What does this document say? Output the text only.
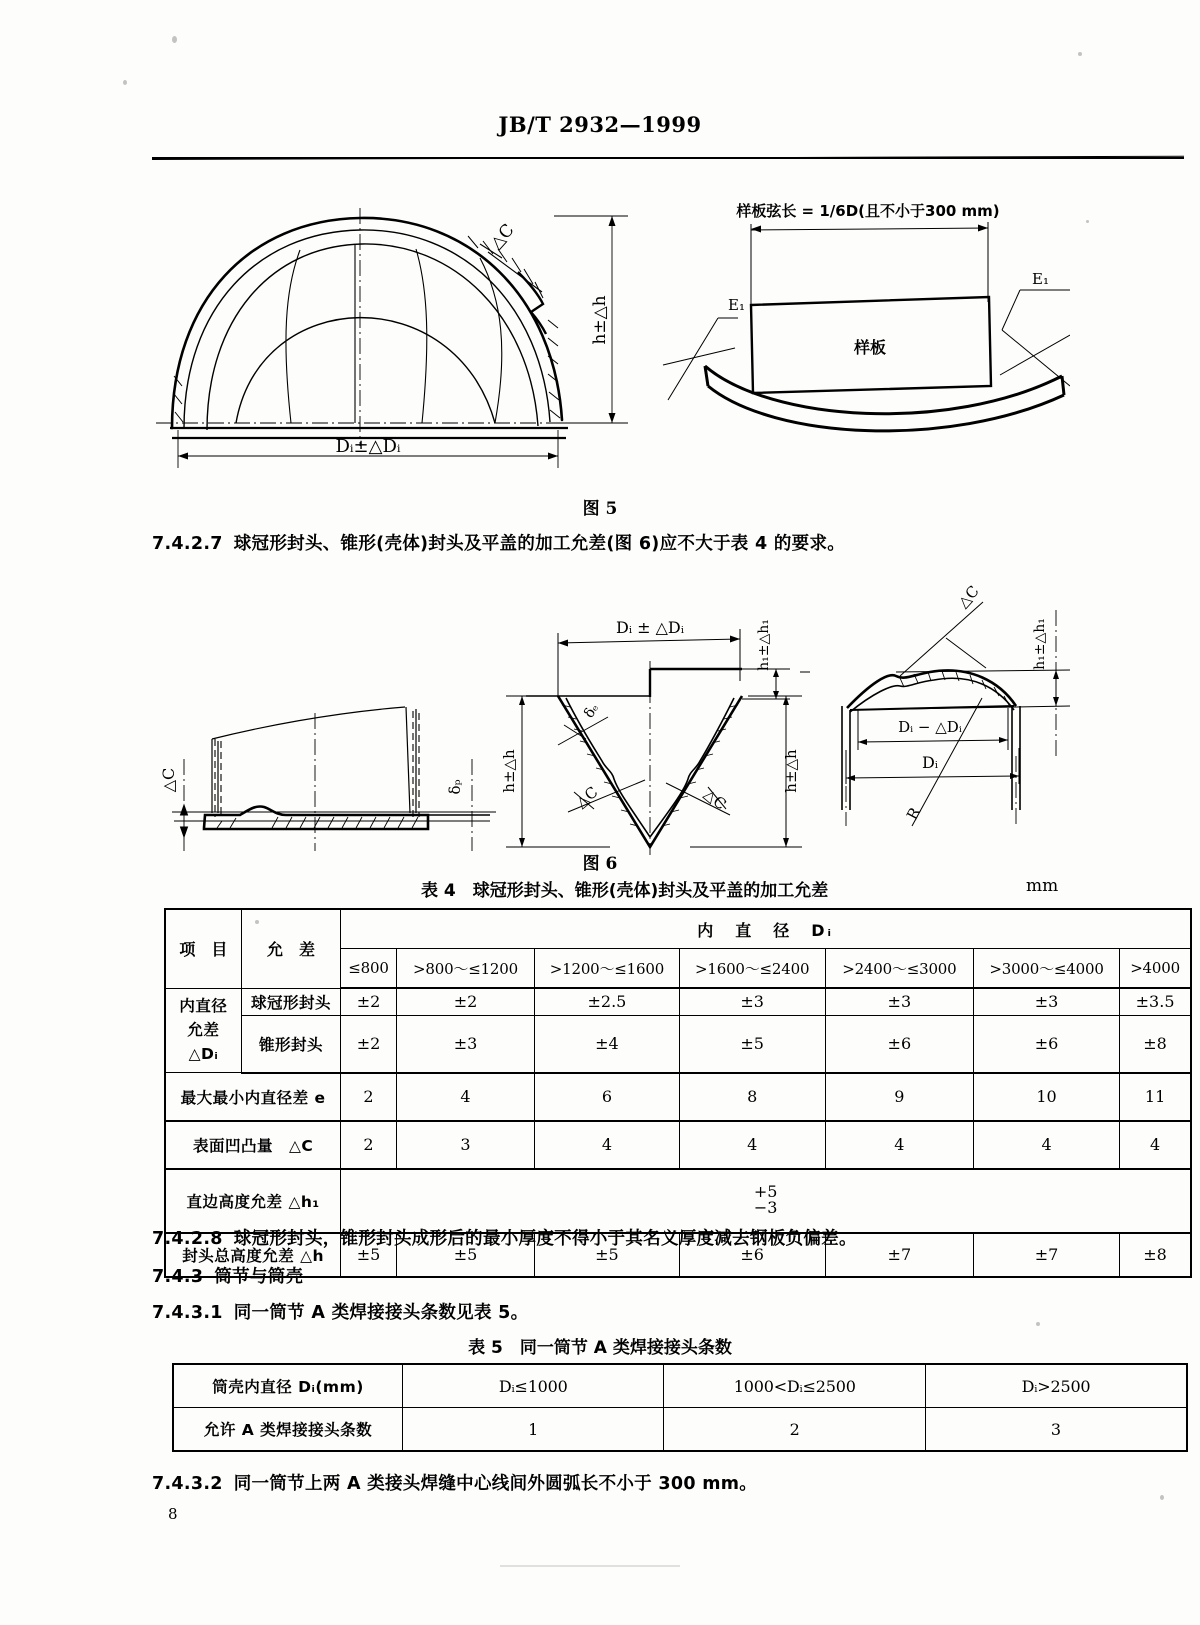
JB/T 2932—1999
h±△h
Dᵢ±△Dᵢ
△C
样板弦长 = 1/6D(且不小于300 mm)
样板
E₁
E₁
图 5
7.4.2.7 球冠形封头、锥形(壳体)封头及平盖的加工允差(图 6)应不大于表 4 的要求。
△C	δₚ
Dᵢ ± △Dᵢ	h₁±△h₁
h±△h	h±△h
δₑ
△C	△C
h₁±△h₁
Dᵢ − △Dᵢ
Dᵢ
△C
R
图 6
表 4　球冠形封头、锥形(壳体)封头及平盖的加工允差	mm
项　目	允　差	内　直　径　Dᵢ						
		≤800	>800～≤1200	>1200～≤1600	>1600～≤2400	>2400～≤3000	>3000～≤4000	>4000

内直径
允差
△Dᵢ	球冠形封头	±2	±2	±2.5	±3	±3	±3	±3.5
	锥形封头	±2	±3	±4	±5	±6	±6	±8
最大最小内直径差 e		2	4	6	8	9	10	11
表面凹凸量　△C		2	3	4	4	4	4	4
直边高度允差 △h₁		+5
−3						

封头总高度允差 △h		±5	±5	±5	±6	±7	±7	±8
7.4.2.8 球冠形封头，锥形封头成形后的最小厚度不得小于其名义厚度减去钢板负偏差。
7.4.3 筒节与筒壳
7.4.3.1 同一筒节 A 类焊接接头条数见表 5。
表 5　同一筒节 A 类焊接接头条数
筒壳内直径 Dᵢ(mm)	Dᵢ≤1000	1000<Dᵢ≤2500	Dᵢ>2500
允许 A 类焊接接头条数	1	2	3
7.4.3.2 同一筒节上两 A 类接头焊缝中心线间外圆弧长不小于 300 mm。
8
